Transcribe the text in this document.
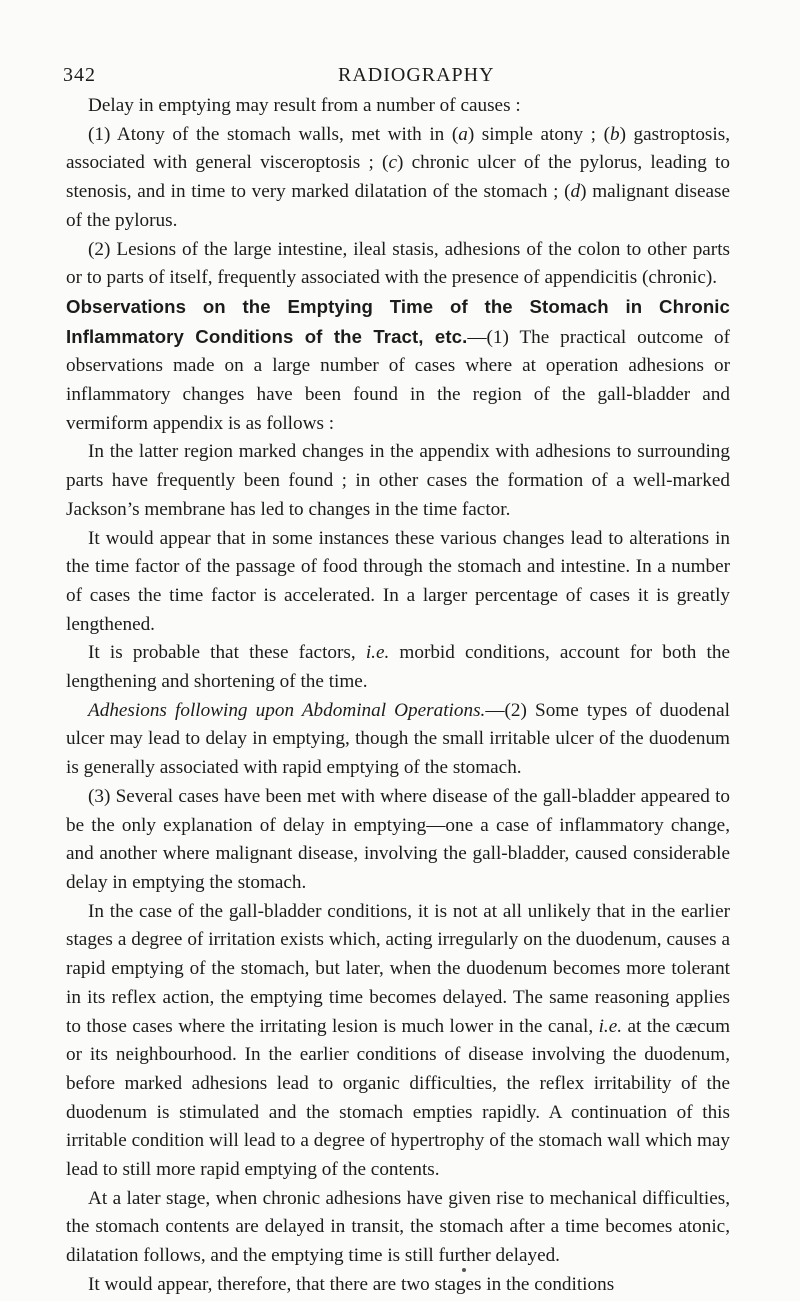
342	RADIOGRAPHY

Delay in emptying may result from a number of causes :

(1) Atony of the stomach walls, met with in (a) simple atony ; (b) gastroptosis, associated with general visceroptosis ; (c) chronic ulcer of the pylorus, leading to stenosis, and in time to very marked dilatation of the stomach ; (d) malignant disease of the pylorus.

(2) Lesions of the large intestine, ileal stasis, adhesions of the colon to other parts or to parts of itself, frequently associated with the presence of appendicitis (chronic).

Observations on the Emptying Time of the Stomach in Chronic Inflammatory Conditions of the Tract, etc.—(1) The practical outcome of observations made on a large number of cases where at operation adhesions or inflammatory changes have been found in the region of the gall-bladder and vermiform appendix is as follows :

In the latter region marked changes in the appendix with adhesions to surrounding parts have frequently been found ; in other cases the formation of a well-marked Jackson’s membrane has led to changes in the time factor.

It would appear that in some instances these various changes lead to alterations in the time factor of the passage of food through the stomach and intestine. In a number of cases the time factor is accelerated. In a larger percentage of cases it is greatly lengthened.

It is probable that these factors, i.e. morbid conditions, account for both the lengthening and shortening of the time.

Adhesions following upon Abdominal Operations.—(2) Some types of duodenal ulcer may lead to delay in emptying, though the small irritable ulcer of the duodenum is generally associated with rapid emptying of the stomach.

(3) Several cases have been met with where disease of the gall-bladder appeared to be the only explanation of delay in emptying—one a case of inflammatory change, and another where malignant disease, involving the gall-bladder, caused considerable delay in emptying the stomach.

In the case of the gall-bladder conditions, it is not at all unlikely that in the earlier stages a degree of irritation exists which, acting irregularly on the duodenum, causes a rapid emptying of the stomach, but later, when the duodenum becomes more tolerant in its reflex action, the emptying time becomes delayed. The same reasoning applies to those cases where the irritating lesion is much lower in the canal, i.e. at the cæcum or its neighbourhood. In the earlier conditions of disease involving the duodenum, before marked adhesions lead to organic difficulties, the reflex irritability of the duodenum is stimulated and the stomach empties rapidly. A continuation of this irritable condition will lead to a degree of hypertrophy of the stomach wall which may lead to still more rapid emptying of the contents.

At a later stage, when chronic adhesions have given rise to mechanical difficulties, the stomach contents are delayed in transit, the stomach after a time becomes atonic, dilatation follows, and the emptying time is still further delayed.

It would appear, therefore, that there are two stages in the conditions
